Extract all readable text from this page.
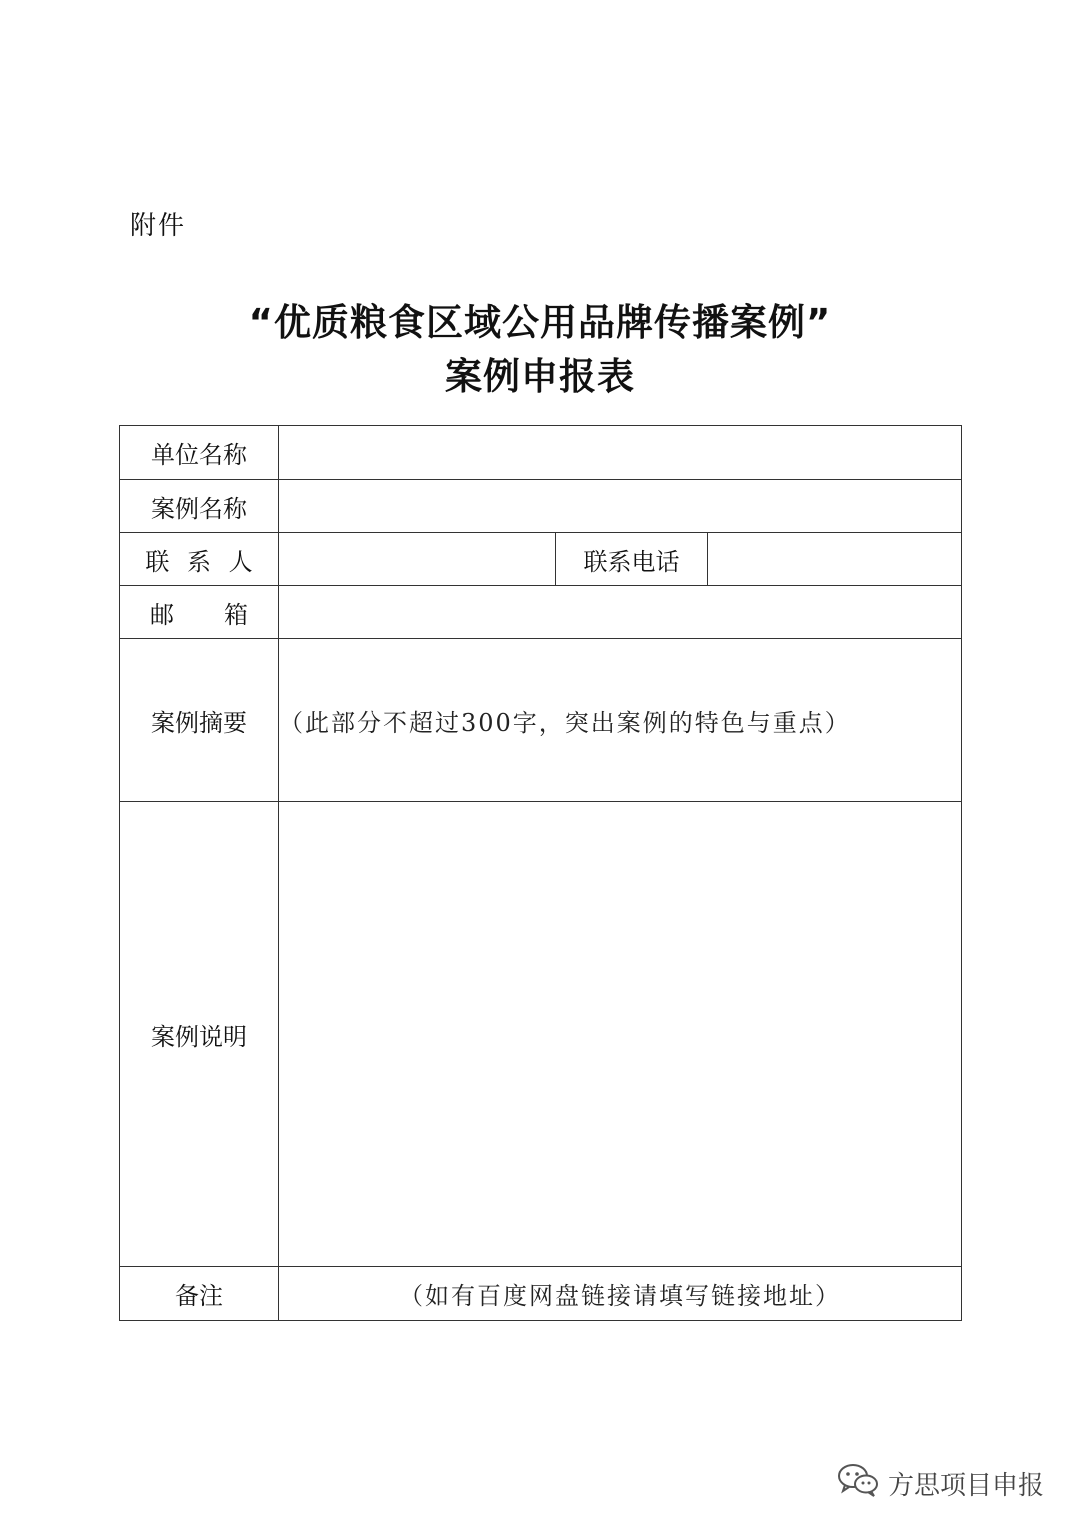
附件
“优质粮食区域公用品牌传播案例”
案例申报表
单位名称			
案例名称			
联 系 人		联系电话	

邮 箱			

案例摘要	（此部分不超过300字，突出案例的特色与重点）		
案例说明			
备注	（如有百度网盘链接请填写链接地址）		
方思项目申报
